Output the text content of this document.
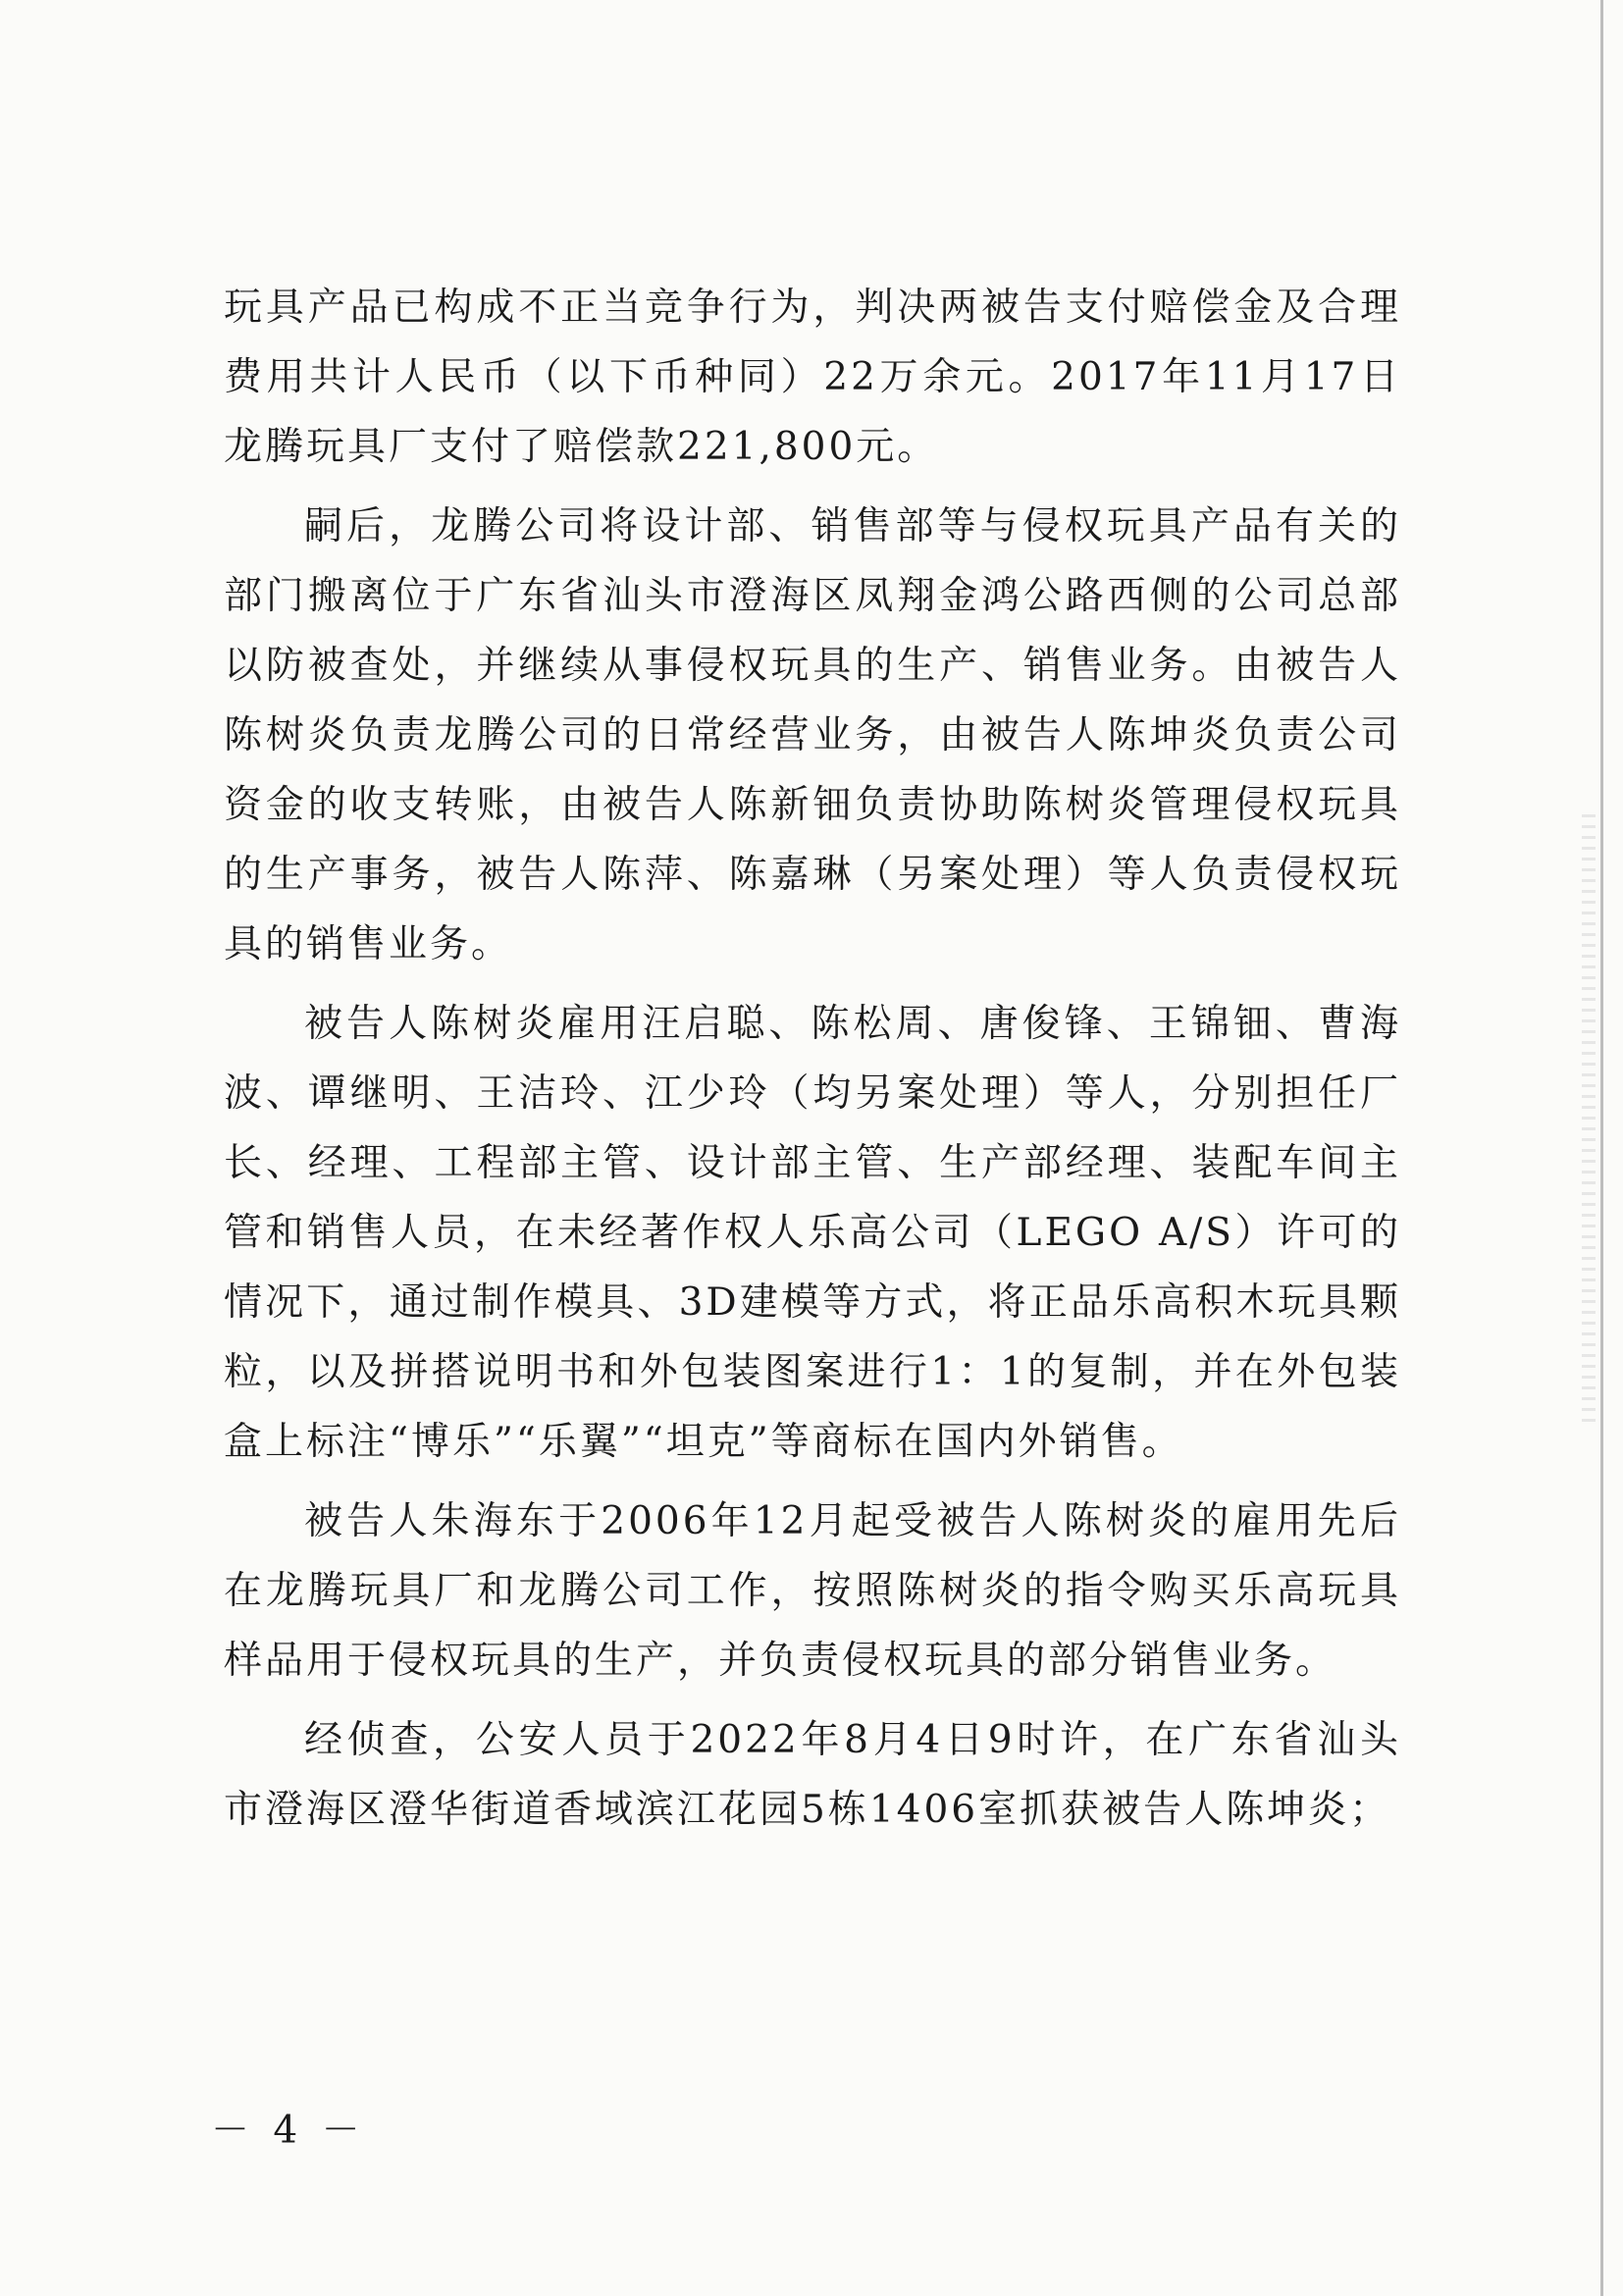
玩具产品已构成不正当竞争行为，判决两被告支付赔偿金及合理费用共计人民币（以下币种同）22万余元。2017年11月17日龙腾玩具厂支付了赔偿款221,800元。

嗣后，龙腾公司将设计部、销售部等与侵权玩具产品有关的部门搬离位于广东省汕头市澄海区凤翔金鸿公路西侧的公司总部以防被查处，并继续从事侵权玩具的生产、销售业务。由被告人陈树炎负责龙腾公司的日常经营业务，由被告人陈坤炎负责公司资金的收支转账，由被告人陈新钿负责协助陈树炎管理侵权玩具的生产事务，被告人陈萍、陈嘉琳（另案处理）等人负责侵权玩具的销售业务。

被告人陈树炎雇用汪启聪、陈松周、唐俊锋、王锦钿、曹海波、谭继明、王洁玲、江少玲（均另案处理）等人，分别担任厂长、经理、工程部主管、设计部主管、生产部经理、装配车间主管和销售人员，在未经著作权人乐高公司（LEGO A/S）许可的情况下，通过制作模具、3D建模等方式，将正品乐高积木玩具颗粒，以及拼搭说明书和外包装图案进行1：1的复制，并在外包装盒上标注“博乐”“乐翼”“坦克”等商标在国内外销售。

被告人朱海东于2006年12月起受被告人陈树炎的雇用先后在龙腾玩具厂和龙腾公司工作，按照陈树炎的指令购买乐高玩具样品用于侵权玩具的生产，并负责侵权玩具的部分销售业务。

经侦查，公安人员于2022年8月4日9时许，在广东省汕头市澄海区澄华街道香域滨江花园5栋1406室抓获被告人陈坤炎；

－ 4 －
